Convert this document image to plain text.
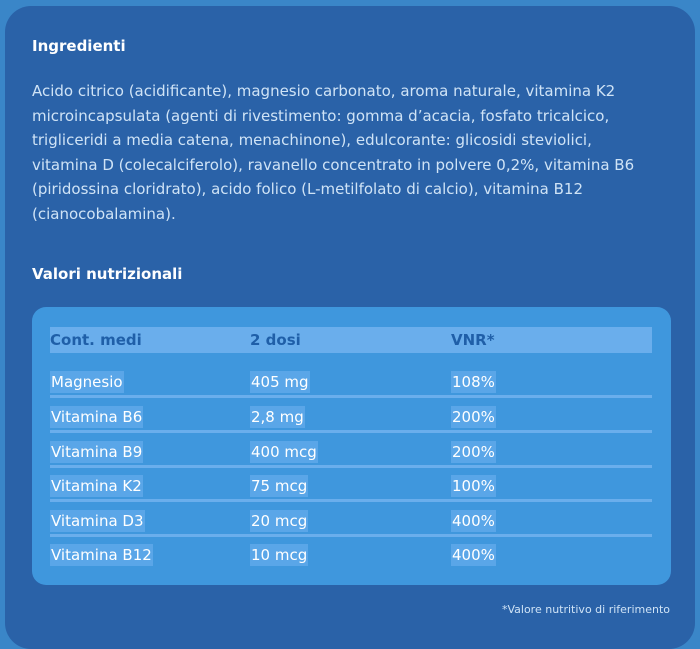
Ingredienti

Acido citrico (acidificante), magnesio carbonato, aroma naturale, vitamina K2 microincapsulata (agenti di rivestimento: gomma d’acacia, fosfato tricalcico, trigliceridi a media catena, menachinone), edulcorante: glicosidi steviolici, vitamina D (colecalciferolo), ravanello concentrato in polvere 0,2%, vitamina B6 (piridossina cloridrato), acido folico (L-metilfolato di calcio), vitamina B12 (cianocobalamina).

Valori nutrizionali
Cont. medi	2 dosi	VNR*
Magnesio	405 mg	108%
Vitamina B6	2,8 mg	200%
Vitamina B9	400 mcg	200%
Vitamina K2	75 mcg	100%
Vitamina D3	20 mcg	400%
Vitamina B12	10 mcg	400%
*Valore nutritivo di riferimento
